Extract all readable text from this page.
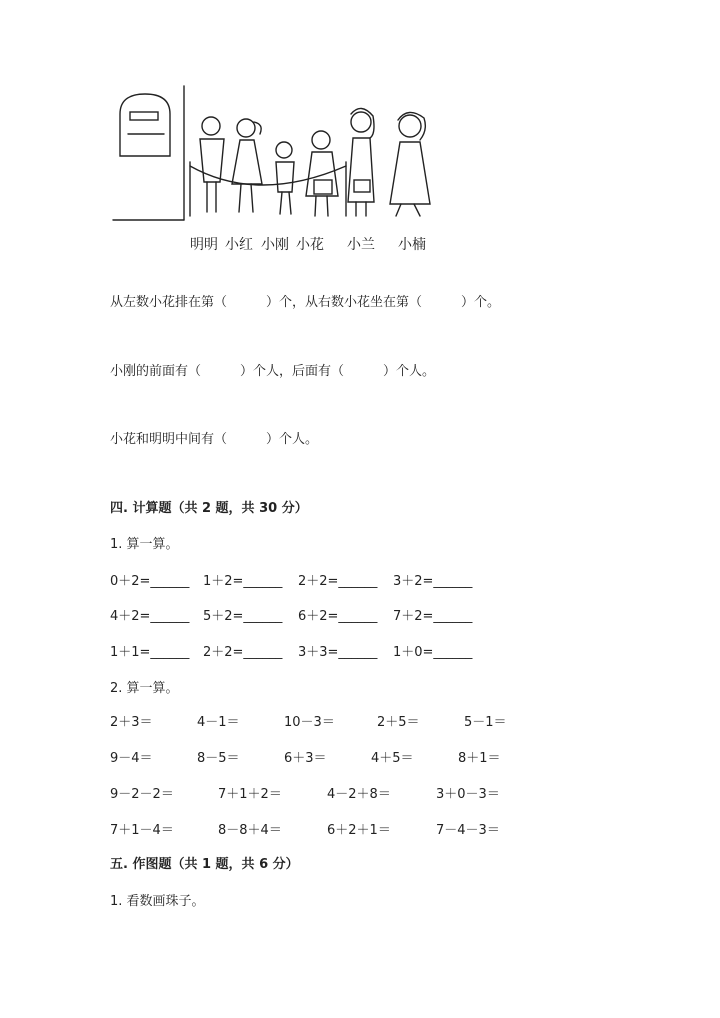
明明 小红 小刚 小花 小兰 小楠
从左数小花排在第（　　　）个，从右数小花坐在第（　　　）个。
小刚的前面有（　　　）个人，后面有（　　　）个人。
小花和明明中间有（　　　）个人。
四. 计算题（共 2 题，共 30 分）
1. 算一算。
0＋2=______ 1＋2=______ 2＋2=______ 3＋2=______
4＋2=______ 5＋2=______ 6＋2=______ 7＋2=______
1＋1=______ 2＋2=______ 3＋3=______ 1＋0=______
2. 算一算。
2＋3＝	4－1＝	10－3＝	2＋5＝	5－1＝
9－4＝	8－5＝	6＋3＝	4＋5＝	8＋1＝
9－2－2＝	7＋1＋2＝	4－2＋8＝	3＋0－3＝
7＋1－4＝	8－8＋4＝	6＋2＋1＝	7－4－3＝
五. 作图题（共 1 题，共 6 分）
1. 看数画珠子。
